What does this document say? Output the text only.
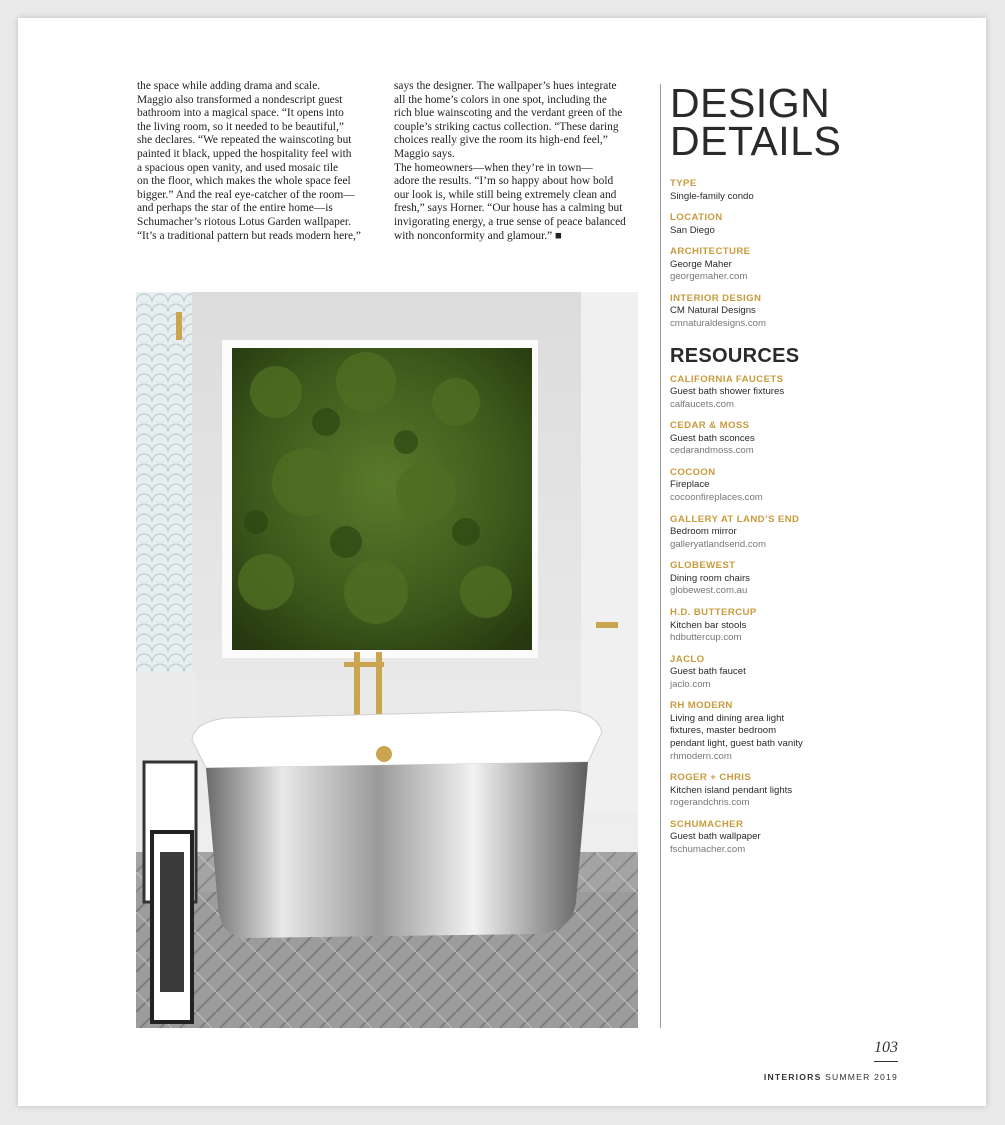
the space while adding drama and scale.
Maggio also transformed a nondescript guest
bathroom into a magical space. “It opens into
the living room, so it needed to be beautiful,”
she declares. “We repeated the wainscoting but
painted it black, upped the hospitality feel with
a spacious open vanity, and used mosaic tile
on the floor, which makes the whole space feel
bigger.” And the real eye-catcher of the room—
and perhaps the star of the entire home—is
Schumacher’s riotous Lotus Garden wallpaper.
“It’s a traditional pattern but reads modern here,”
says the designer. The wallpaper’s hues integrate
all the home’s colors in one spot, including the
rich blue wainscoting and the verdant green of the
couple’s striking cactus collection. “These daring
choices really give the room its high-end feel,”
Maggio says.
The homeowners—when they’re in town—
adore the results. “I’m so happy about how bold
our look is, while still being extremely clean and
fresh,” says Horner. “Our house has a calming but
invigorating energy, a true sense of peace balanced
with nonconformity and glamour.” ■
DESIGN
DETAILS
TYPE
Single-family condo
LOCATION
San Diego
ARCHITECTURE
George Maher
georgemaher.com
INTERIOR DESIGN
CM Natural Designs
cmnaturaldesigns.com
RESOURCES
CALIFORNIA FAUCETS
Guest bath shower fixtures
calfaucets.com
CEDAR & MOSS
Guest bath sconces
cedarandmoss.com
COCOON
Fireplace
cocoonfireplaces.com
GALLERY AT LAND’S END
Bedroom mirror
galleryatlandsend.com
GLOBEWEST
Dining room chairs
globewest.com.au
H.D. BUTTERCUP
Kitchen bar stools
hdbuttercup.com
JACLO
Guest bath faucet
jaclo.com
RH MODERN
Living and dining area light
fixtures, master bedroom
pendant light, guest bath vanity
rhmodern.com
ROGER + CHRIS
Kitchen island pendant lights
rogerandchris.com
SCHUMACHER
Guest bath wallpaper
fschumacher.com
103
INTERIORS SUMMER 2019
